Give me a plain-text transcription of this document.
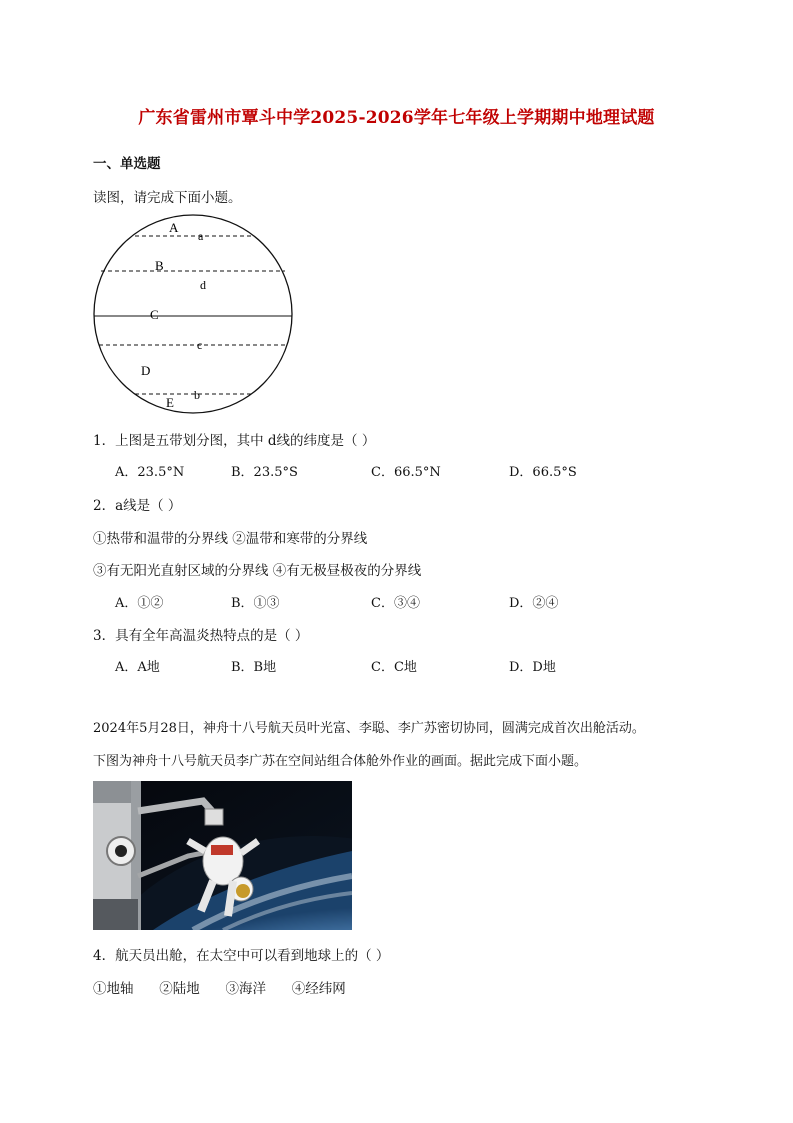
广东省雷州市覃斗中学2025-2026学年七年级上学期期中地理试题
一、单选题
读图，请完成下面小题。
A
a
B
d
C
c
D
b
E
1．上图是五带划分图，其中 d线的纬度是（ ）
A．23.5°N	B．23.5°S	C．66.5°N	D．66.5°S
2．a线是（ ）
①热带和温带的分界线 ②温带和寒带的分界线
③有无阳光直射区域的分界线 ④有无极昼极夜的分界线
A．①②	B．①③	C．③④	D．②④
3．具有全年高温炎热特点的是（ ）
A．A地	B．B地	C．C地	D．D地
2024年5月28日，神舟十八号航天员叶光富、李聪、李广苏密切协同，圆满完成首次出舱活动。
下图为神舟十八号航天员李广苏在空间站组合体舱外作业的画面。据此完成下面小题。
4．航天员出舱，在太空中可以看到地球上的（ ）
①地轴      ②陆地      ③海洋      ④经纬网
